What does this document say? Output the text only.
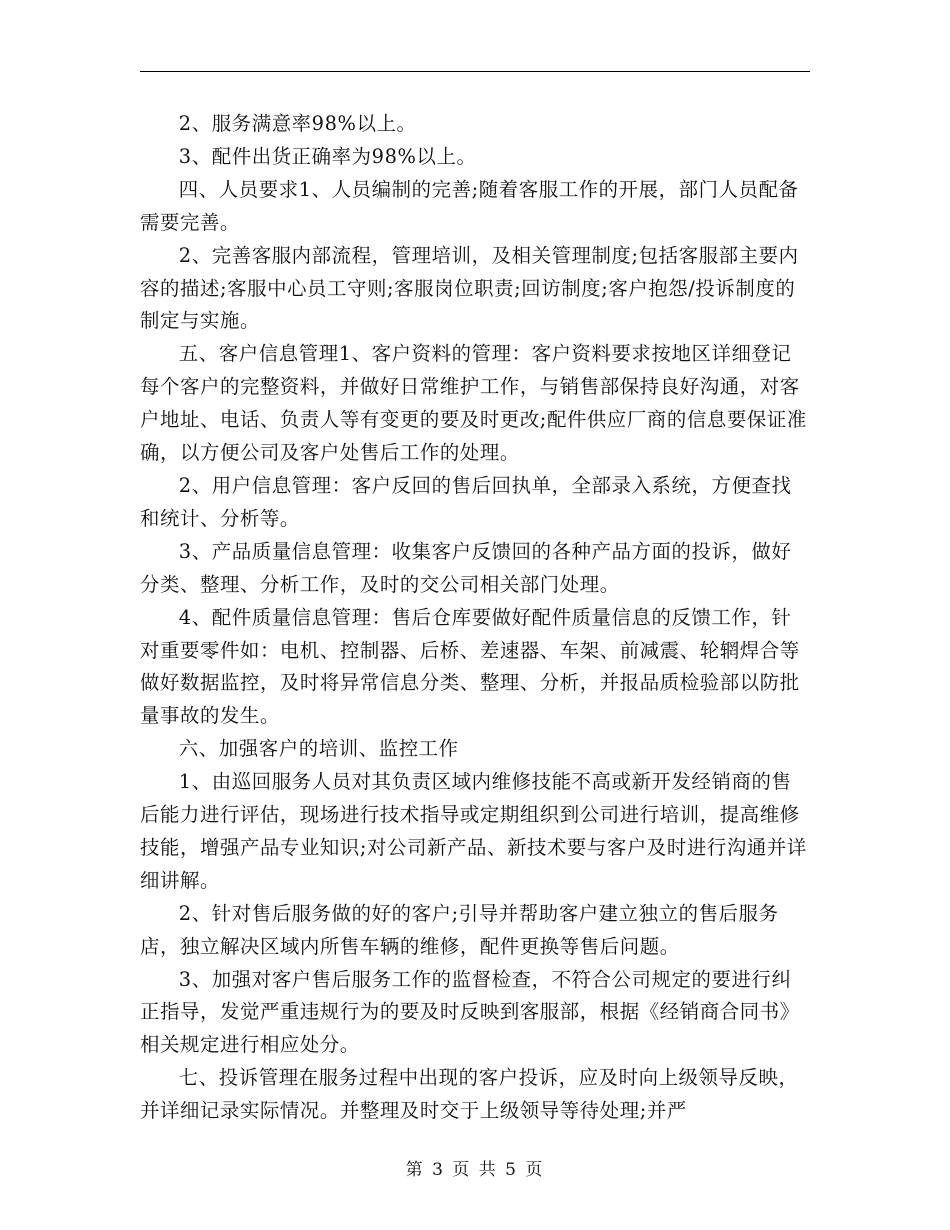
2、服务满意率98%以上。

3、配件出货正确率为98%以上。

四、人员要求1、人员编制的完善;随着客服工作的开展，部门人员配备需要完善。

2、完善客服内部流程，管理培训，及相关管理制度;包括客服部主要内容的描述;客服中心员工守则;客服岗位职责;回访制度;客户抱怨/投诉制度的制定与实施。

五、客户信息管理1、客户资料的管理：客户资料要求按地区详细登记每个客户的完整资料，并做好日常维护工作，与销售部保持良好沟通，对客户地址、电话、负责人等有变更的要及时更改;配件供应厂商的信息要保证准确，以方便公司及客户处售后工作的处理。

2、用户信息管理：客户反回的售后回执单，全部录入系统，方便查找和统计、分析等。

3、产品质量信息管理：收集客户反馈回的各种产品方面的投诉，做好分类、整理、分析工作，及时的交公司相关部门处理。

4、配件质量信息管理：售后仓库要做好配件质量信息的反馈工作，针对重要零件如：电机、控制器、后桥、差速器、车架、前减震、轮辋焊合等做好数据监控，及时将异常信息分类、整理、分析，并报品质检验部以防批量事故的发生。

六、加强客户的培训、监控工作

1、由巡回服务人员对其负责区域内维修技能不高或新开发经销商的售后能力进行评估，现场进行技术指导或定期组织到公司进行培训，提高维修技能，增强产品专业知识;对公司新产品、新技术要与客户及时进行沟通并详细讲解。

2、针对售后服务做的好的客户;引导并帮助客户建立独立的售后服务店，独立解决区域内所售车辆的维修，配件更换等售后问题。

3、加强对客户售后服务工作的监督检查，不符合公司规定的要进行纠正指导，发觉严重违规行为的要及时反映到客服部，根据《经销商合同书》相关规定进行相应处分。

七、投诉管理在服务过程中出现的客户投诉，应及时向上级领导反映，并详细记录实际情况。并整理及时交于上级领导等待处理;并严

第 3 页 共 5 页
